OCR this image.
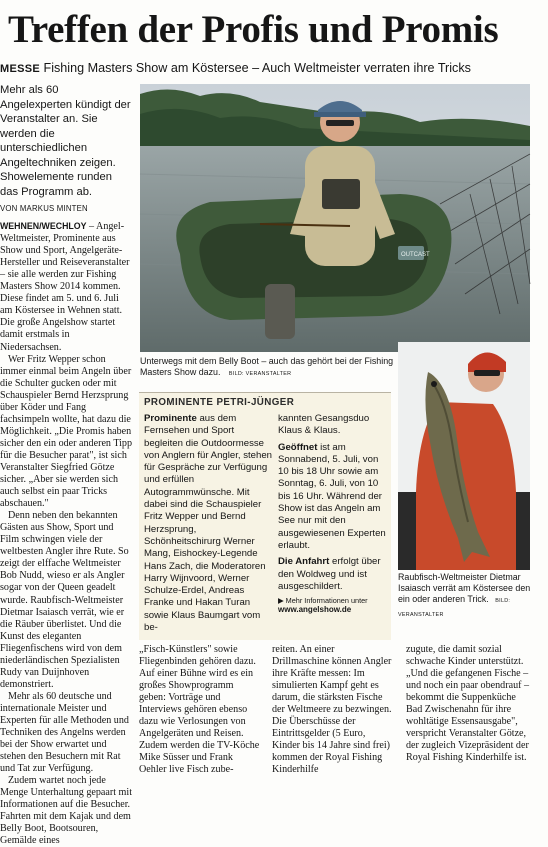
Treffen der Profis und Promis
MESSE Fishing Masters Show am Köstersee – Auch Weltmeister verraten ihre Tricks

Mehr als 60 Angelexperten kündigt der Veranstalter an. Sie werden die unterschiedlichen Angeltechniken zeigen. Showelemente runden das Programm ab.

VON MARKUS MINTEN

WEHNEN/WECHLOY – Angel-Weltmeister, Prominente aus Show und Sport, Angelgeräte-Hersteller und Reiseveranstalter – sie alle werden zur Fishing Masters Show 2014 kommen. Diese findet am 5. und 6. Juli am Köstersee in Wehnen statt. Die große Angelshow startet damit erstmals in Niedersachsen.

Wer Fritz Wepper schon immer einmal beim Angeln über die Schulter gucken oder mit Schauspieler Bernd Herzsprung über Köder und Fang fachsimpeln wollte, hat dazu die Möglichkeit. „Die Promis haben sicher den ein oder anderen Tipp für die Besucher parat", ist sich Veranstalter Siegfried Götze sicher. „Aber sie werden sich auch selbst ein paar Tricks abschauen."

Denn neben den bekannten Gästen aus Show, Sport und Film schwingen viele der weltbesten Angler ihre Rute. So zeigt der elffache Weltmeister Bob Nudd, wieso er als Angler sogar von der Queen geadelt wurde. Raubfisch-Weltmeister Dietmar Isaiasch verrät, wie er die Räuber überlistet. Und die Kunst des eleganten Fliegenfischens wird von dem niederländischen Spezialisten Rudy van Duijnhoven demonstriert.

Mehr als 60 deutsche und internationale Meister und Experten für alle Methoden und Techniken des Angelns werden bei der Show erwartet und stehen den Besuchern mit Rat und Tat zur Verfügung.

Zudem wartet noch jede Menge Unterhaltung gepaart mit Informationen auf die Besucher. Fahrten mit dem Kajak und dem Belly Boot, Bootsouren, Gemälde eines

OUTCAST
Unterwegs mit dem Belly Boot – auch das gehört bei der Fishing Masters Show dazu. BILD: VERANSTALTER
PROMINENTE PETRI-JÜNGER
Prominente aus dem Fernsehen und Sport begleiten die Outdoormesse von Anglern für Angler, stehen für Gespräche zur Verfügung und erfüllen Autogrammwünsche. Mit dabei sind die Schauspieler Fritz Wepper und Bernd Herzsprung, Schönheitschirurg Werner Mang, Eishockey-Legende Hans Zach, die Moderatoren Harry Wijnvoord, Werner Schulze-Erdel, Andreas Franke und Hakan Turan sowie Klaus Baumgart vom be-
kannten Gesangsduo Klaus & Klaus.
Geöffnet ist am Sonnabend, 5. Juli, von 10 bis 18 Uhr sowie am Sonntag, 6. Juli, von 10 bis 16 Uhr. Während der Show ist das Angeln am See nur mit den ausgewiesenen Experten erlaubt.
Die Anfahrt erfolgt über den Woldweg und ist ausgeschildert.
▶ Mehr Informationen unter
www.angelshow.de
Raubfisch-Weltmeister Dietmar Isaiasch verrät am Köstersee den ein oder anderen Trick. BILD: VERANSTALTER
„Fisch-Künstlers" sowie Fliegenbinden gehören dazu. Auf einer Bühne wird es ein großes Showprogramm geben: Vorträge und Interviews gehören ebenso dazu wie Verlosungen von Angelgeräten und Reisen. Zudem werden die TV-Köche Mike Süsser und Frank Oehler live Fisch zube-
reiten. An einer Drillmaschine können Angler ihre Kräfte messen: Im simulierten Kampf geht es darum, die stärksten Fische der Weltmeere zu bezwingen. Die Überschüsse der Eintrittsgelder (5 Euro, Kinder bis 14 Jahre sind frei) kommen der Royal Fishing Kinderhilfe
zugute, die damit sozial schwache Kinder unterstützt. „Und die gefangenen Fische – und noch ein paar obendrauf – bekommt die Suppenküche Bad Zwischenahn für ihre wohltätige Essensausgabe", verspricht Veranstalter Götze, der zugleich Vizepräsident der Royal Fishing Kinderhilfe ist.
